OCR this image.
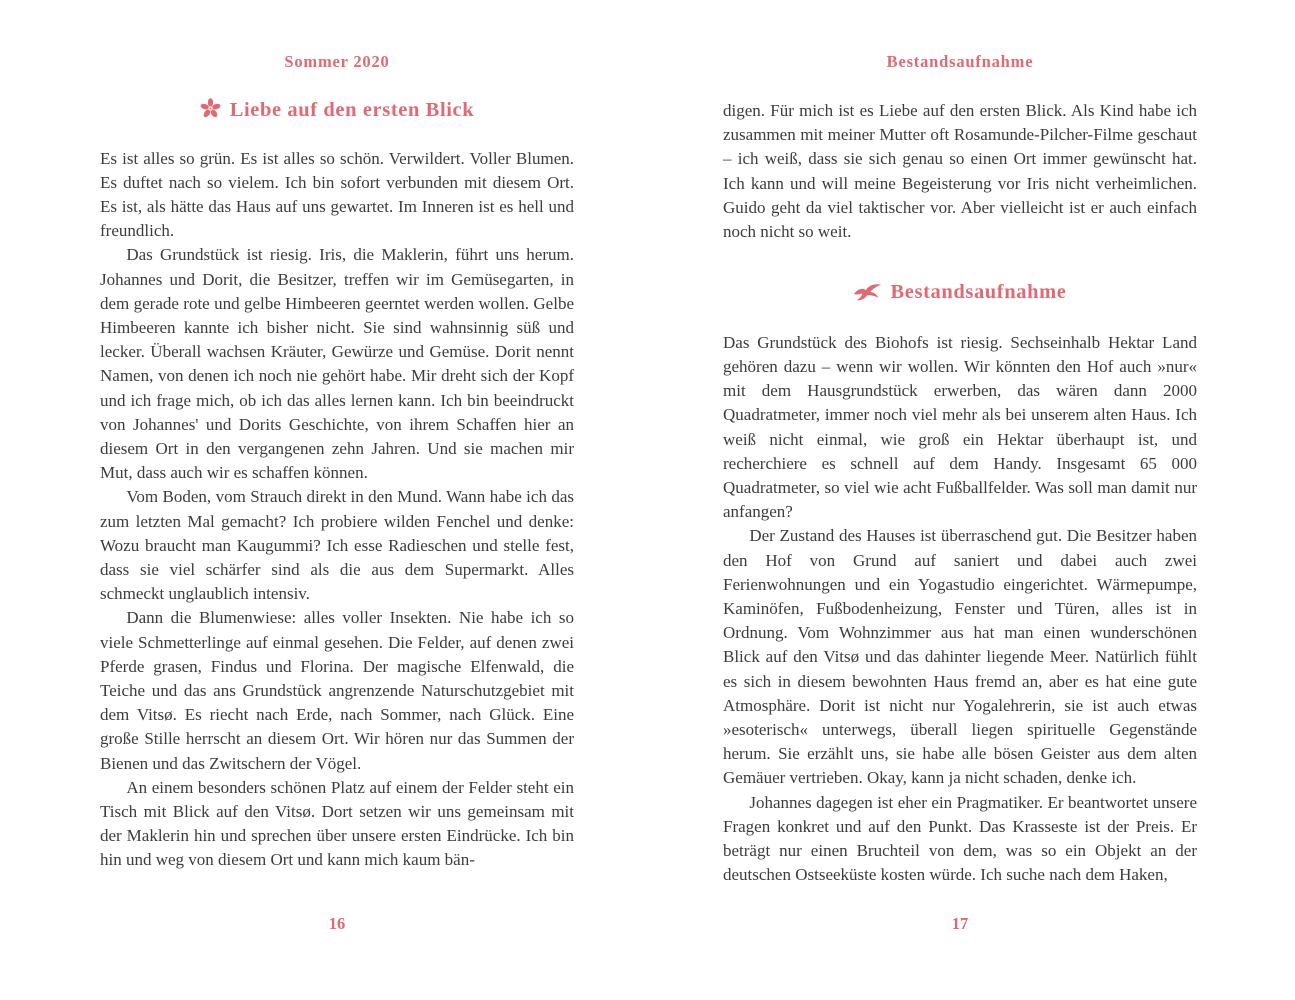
Sommer 2020
Liebe auf den ersten Blick

Es ist alles so grün. Es ist alles so schön. Verwildert. Voller Blumen. Es duftet nach so vielem. Ich bin sofort verbunden mit diesem Ort. Es ist, als hätte das Haus auf uns gewartet. Im Inneren ist es hell und freundlich.

Das Grundstück ist riesig. Iris, die Maklerin, führt uns herum. Johannes und Dorit, die Besitzer, treffen wir im Gemüsegarten, in dem gerade rote und gelbe Himbeeren geerntet werden wollen. Gelbe Himbeeren kannte ich bisher nicht. Sie sind wahnsinnig süß und lecker. Überall wachsen Kräuter, Gewürze und Gemüse. Dorit nennt Namen, von denen ich noch nie gehört habe. Mir dreht sich der Kopf und ich frage mich, ob ich das alles lernen kann. Ich bin beeindruckt von Johannes' und Dorits Geschichte, von ihrem Schaffen hier an diesem Ort in den vergangenen zehn Jahren. Und sie machen mir Mut, dass auch wir es schaffen können.

Vom Boden, vom Strauch direkt in den Mund. Wann habe ich das zum letzten Mal gemacht? Ich probiere wilden Fenchel und denke: Wozu braucht man Kaugummi? Ich esse Radieschen und stelle fest, dass sie viel schärfer sind als die aus dem Supermarkt. Alles schmeckt unglaublich intensiv.

Dann die Blumenwiese: alles voller Insekten. Nie habe ich so viele Schmetterlinge auf einmal gesehen. Die Felder, auf denen zwei Pferde grasen, Findus und Florina. Der magische Elfenwald, die Teiche und das ans Grundstück angrenzende Naturschutzgebiet mit dem Vitsø. Es riecht nach Erde, nach Sommer, nach Glück. Eine große Stille herrscht an diesem Ort. Wir hören nur das Summen der Bienen und das Zwitschern der Vögel.

An einem besonders schönen Platz auf einem der Felder steht ein Tisch mit Blick auf den Vitsø. Dort setzen wir uns gemeinsam mit der Maklerin hin und sprechen über unsere ersten Eindrücke. Ich bin hin und weg von diesem Ort und kann mich kaum bän-

16
Bestandsaufnahme

digen. Für mich ist es Liebe auf den ersten Blick. Als Kind habe ich zusammen mit meiner Mutter oft Rosamunde-Pilcher-Filme geschaut – ich weiß, dass sie sich genau so einen Ort immer gewünscht hat. Ich kann und will meine Begeisterung vor Iris nicht verheimlichen. Guido geht da viel taktischer vor. Aber vielleicht ist er auch einfach noch nicht so weit.

Bestandsaufnahme

Das Grundstück des Biohofs ist riesig. Sechseinhalb Hektar Land gehören dazu – wenn wir wollen. Wir könnten den Hof auch »nur« mit dem Hausgrundstück erwerben, das wären dann 2000 Quadratmeter, immer noch viel mehr als bei unserem alten Haus. Ich weiß nicht einmal, wie groß ein Hektar überhaupt ist, und recherchiere es schnell auf dem Handy. Insgesamt 65 000 Quadratmeter, so viel wie acht Fußballfelder. Was soll man damit nur anfangen?

Der Zustand des Hauses ist überraschend gut. Die Besitzer haben den Hof von Grund auf saniert und dabei auch zwei Ferienwohnungen und ein Yogastudio eingerichtet. Wärmepumpe, Kaminöfen, Fußbodenheizung, Fenster und Türen, alles ist in Ordnung. Vom Wohnzimmer aus hat man einen wunderschönen Blick auf den Vitsø und das dahinter liegende Meer. Natürlich fühlt es sich in diesem bewohnten Haus fremd an, aber es hat eine gute Atmosphäre. Dorit ist nicht nur Yogalehrerin, sie ist auch etwas »esoterisch« unterwegs, überall liegen spirituelle Gegenstände herum. Sie erzählt uns, sie habe alle bösen Geister aus dem alten Gemäuer vertrieben. Okay, kann ja nicht schaden, denke ich.

Johannes dagegen ist eher ein Pragmatiker. Er beantwortet unsere Fragen konkret und auf den Punkt. Das Krasseste ist der Preis. Er beträgt nur einen Bruchteil von dem, was so ein Objekt an der deutschen Ostseeküste kosten würde. Ich suche nach dem Haken,

17
